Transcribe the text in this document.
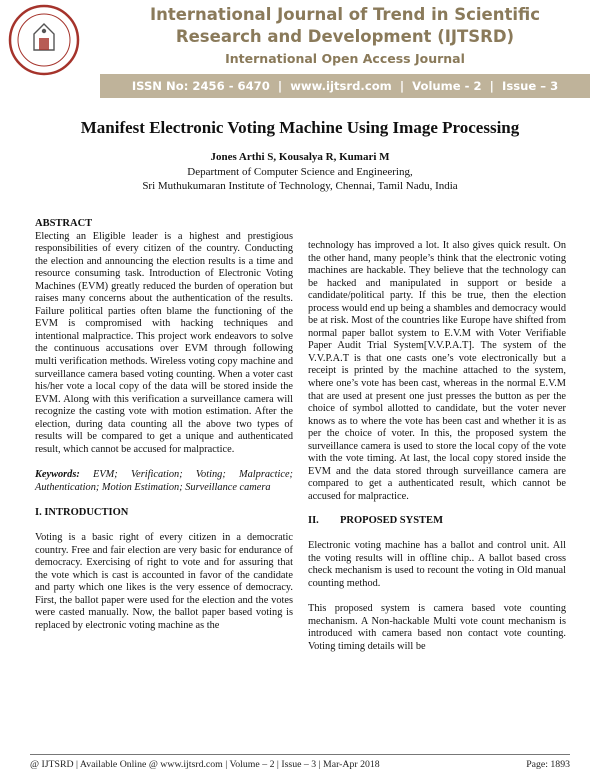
International Journal of Trend in Scientific
Research and Development (IJTSRD)
International Open Access Journal
ISSN No: 2456 - 6470 | www.ijtsrd.com | Volume - 2 | Issue – 3
Manifest Electronic Voting Machine Using Image Processing
Jones Arthi S, Kousalya R, Kumari M
Department of Computer Science and Engineering,
Sri Muthukumaran Institute of Technology, Chennai, Tamil Nadu, India

ABSTRACT

Electing an Eligible leader is a highest and prestigious responsibilities of every citizen of the country. Conducting the election and announcing the election results is a time and resource consuming task. Introduction of Electronic Voting Machines (EVM) greatly reduced the burden of operation but raises many concerns about the authentication of the results. Failure political parties often blame the functioning of the EVM is compromised with hacking techniques and intentional malpractice. This project work endeavors to solve the continuous accusations over EVM through following multi verification methods. Wireless voting copy machine and surveillance camera based voting counting. When a voter cast his/her vote a local copy of the data will be stored inside the EVM. Along with this verification a surveillance camera will recognize the casting vote with motion estimation. After the election, during data counting all the above two types of results will be compared to get a unique and authenticated result, which cannot be accused for malpractice.

Keywords: EVM; Verification; Voting; Malpractice; Authentication; Motion Estimation; Surveillance camera

I. INTRODUCTION

Voting is a basic right of every citizen in a democratic country. Free and fair election are very basic for endurance of democracy. Exercising of right to vote and for assuring that the vote which is cast is accounted in favor of the candidate and party which one likes is the very essence of democracy. First, the ballot paper were used for the election and the votes were casted manually. Now, the ballot paper based voting is replaced by electronic voting machine as the

technology has improved a lot. It also gives quick result. On the other hand, many people’s think that the electronic voting machines are hackable. They believe that the technology can be hacked and manipulated in support or beside a candidate/political party. If this be true, then the election process would end up being a shambles and democracy would be at risk. Most of the countries like Europe have shifted from normal paper ballot system to E.V.M with Voter Verifiable Paper Audit Trial System[V.V.P.A.T]. The system of the V.V.P.A.T is that one casts one’s vote electronically but a receipt is printed by the machine attached to the system, where one’s vote has been cast, whereas in the normal E.V.M that are used at present one just presses the button as per the choice of symbol allotted to candidate, but the voter never knows as to where the vote has been cast and whether it is as per the choice of voter. In this, the proposed system the surveillance camera is used to store the local copy of the vote with the vote timing. At last, the local copy stored inside the EVM and the data stored through surveillance camera are compared to get a authenticated result, which cannot be accused for malpractice.

II. PROPOSED SYSTEM

Electronic voting machine has a ballot and control unit. All the voting results will in offline chip.. A ballot based cross check mechanism is used to recount the voting in Old manual counting method.

This proposed system is camera based vote counting mechanism. A Non-hackable Multi vote count mechanism is introduced with camera based non contact vote counting. Voting timing details will be

@ IJTSRD | Available Online @ www.ijtsrd.com | Volume – 2 | Issue – 3 | Mar-Apr 2018	Page: 1893
